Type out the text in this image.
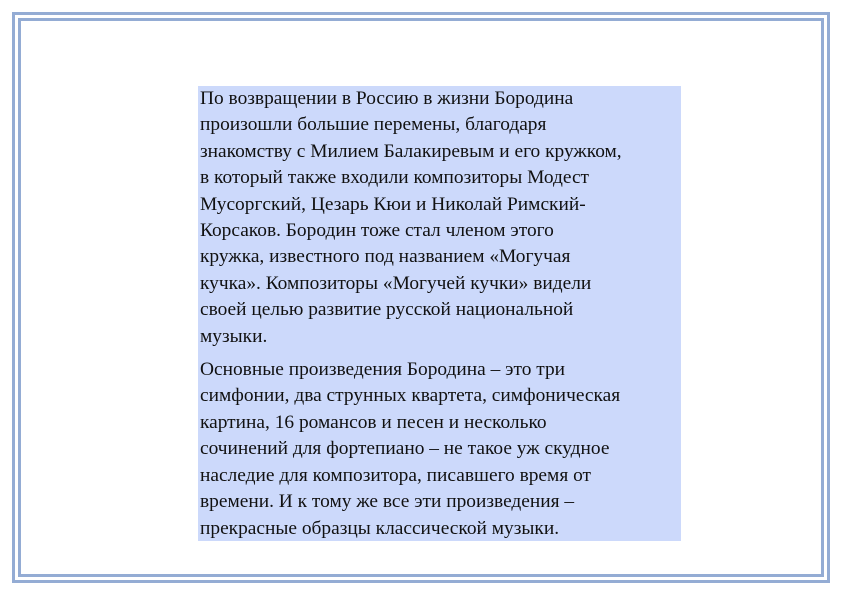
По возвращении в Россию в жизни Бородина
произошли большие перемены, благодаря
знакомству с Милием Балакиревым и его кружком,
в который также входили композиторы Модест
Мусоргский, Цезарь Кюи и Николай Римский-
Корсаков. Бородин тоже стал членом этого
кружка, известного под названием «Могучая
кучка». Композиторы «Могучей кучки» видели
своей целью развитие русской национальной
музыки.

Основные произведения Бородина – это три
симфонии, два струнных квартета, симфоническая
картина, 16 романсов и песен и несколько
сочинений для фортепиано – не такое уж скудное
наследие для композитора, писавшего время от
времени. И к тому же все эти произведения –
прекрасные образцы классической музыки.
